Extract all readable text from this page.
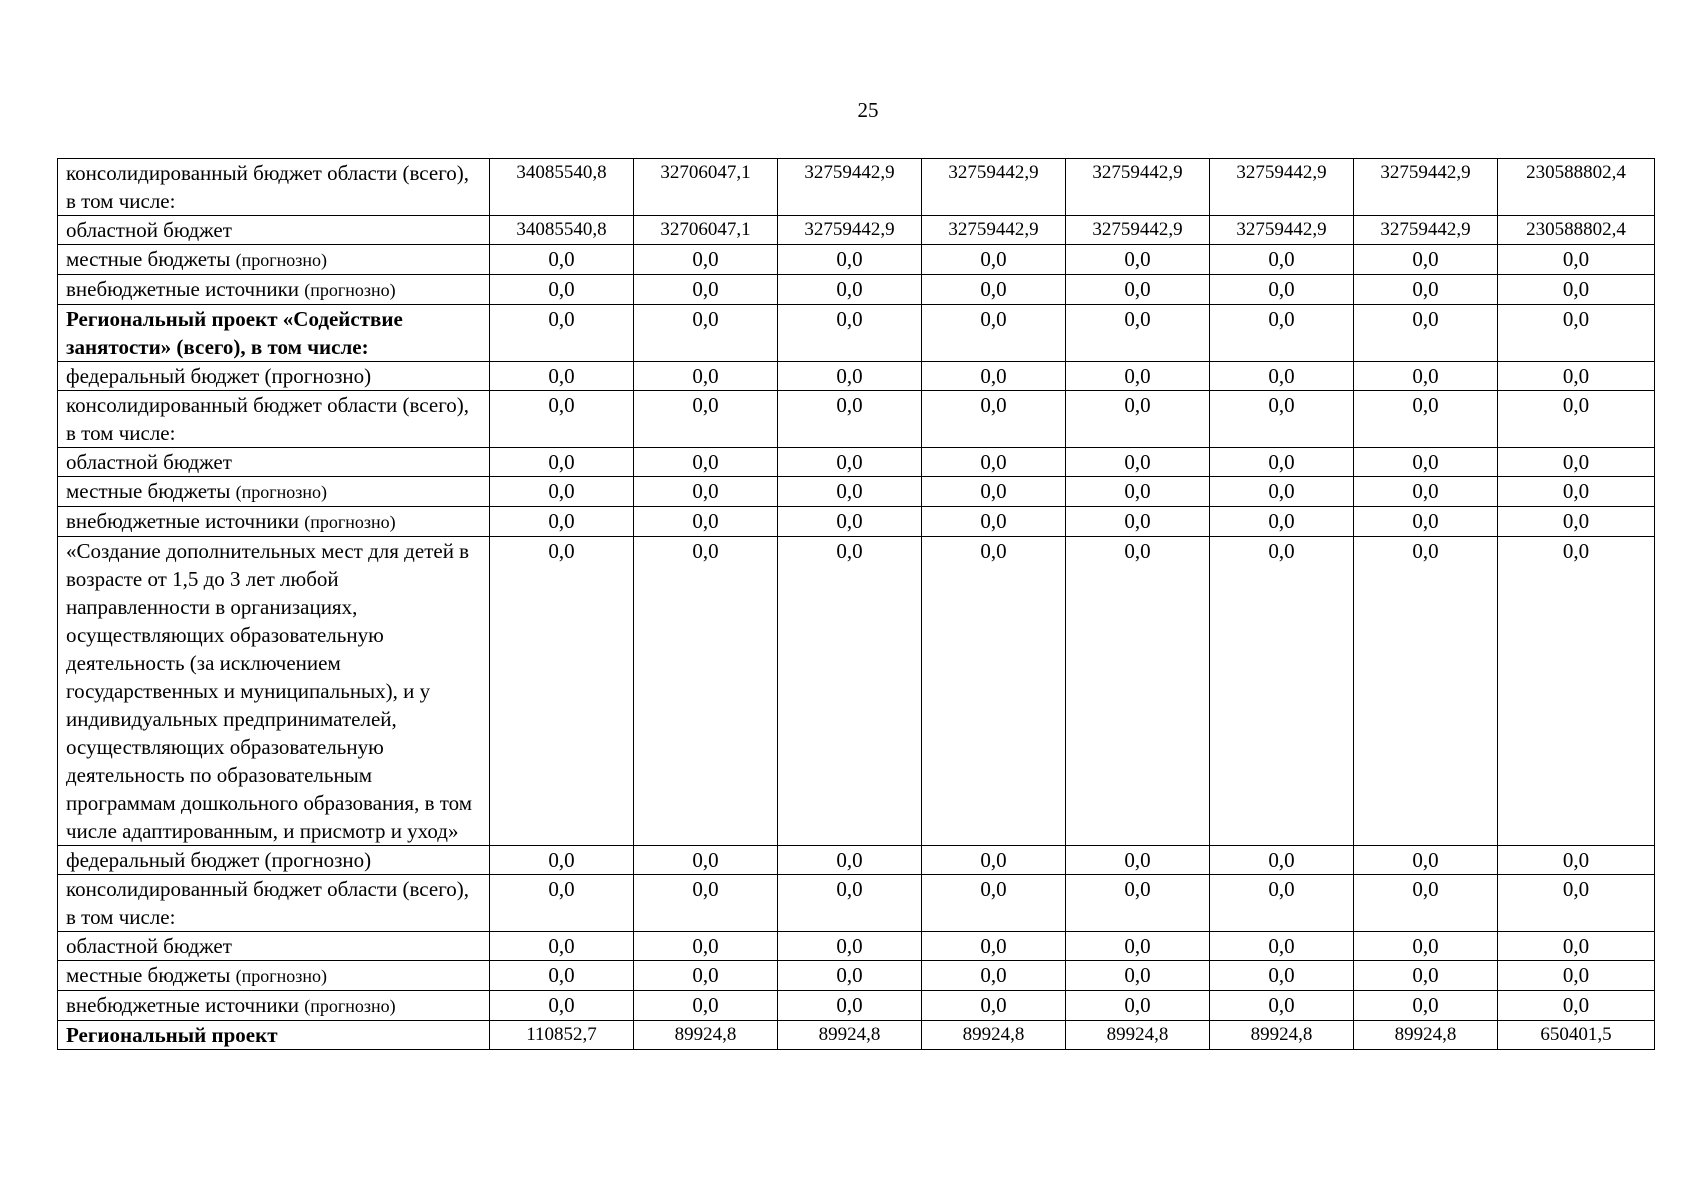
25
консолидированный бюджет области (всего), в том числе:	34085540,8	32706047,1	32759442,9	32759442,9	32759442,9	32759442,9	32759442,9	230588802,4
областной бюджет	34085540,8	32706047,1	32759442,9	32759442,9	32759442,9	32759442,9	32759442,9	230588802,4
местные бюджеты (прогнозно)	0,0	0,0	0,0	0,0	0,0	0,0	0,0	0,0
внебюджетные источники (прогнозно)	0,0	0,0	0,0	0,0	0,0	0,0	0,0	0,0
Региональный проект «Содействие занятости» (всего), в том числе:	0,0	0,0	0,0	0,0	0,0	0,0	0,0	0,0
федеральный бюджет (прогнозно)	0,0	0,0	0,0	0,0	0,0	0,0	0,0	0,0
консолидированный бюджет области (всего), в том числе:	0,0	0,0	0,0	0,0	0,0	0,0	0,0	0,0
областной бюджет	0,0	0,0	0,0	0,0	0,0	0,0	0,0	0,0
местные бюджеты (прогнозно)	0,0	0,0	0,0	0,0	0,0	0,0	0,0	0,0
внебюджетные источники (прогнозно)	0,0	0,0	0,0	0,0	0,0	0,0	0,0	0,0
«Создание дополнительных мест для детей в возрасте от 1,5 до 3 лет любой направленности в организациях, осуществляющих образовательную деятельность (за исключением государственных и муниципальных), и у индивидуальных предпринимателей, осуществляющих образовательную деятельность по образовательным программам дошкольного образования, в том числе адаптированным, и присмотр и уход»	0,0	0,0	0,0	0,0	0,0	0,0	0,0	0,0
федеральный бюджет (прогнозно)	0,0	0,0	0,0	0,0	0,0	0,0	0,0	0,0
консолидированный бюджет области (всего), в том числе:	0,0	0,0	0,0	0,0	0,0	0,0	0,0	0,0
областной бюджет	0,0	0,0	0,0	0,0	0,0	0,0	0,0	0,0
местные бюджеты (прогнозно)	0,0	0,0	0,0	0,0	0,0	0,0	0,0	0,0
внебюджетные источники (прогнозно)	0,0	0,0	0,0	0,0	0,0	0,0	0,0	0,0
Региональный проект	110852,7	89924,8	89924,8	89924,8	89924,8	89924,8	89924,8	650401,5
